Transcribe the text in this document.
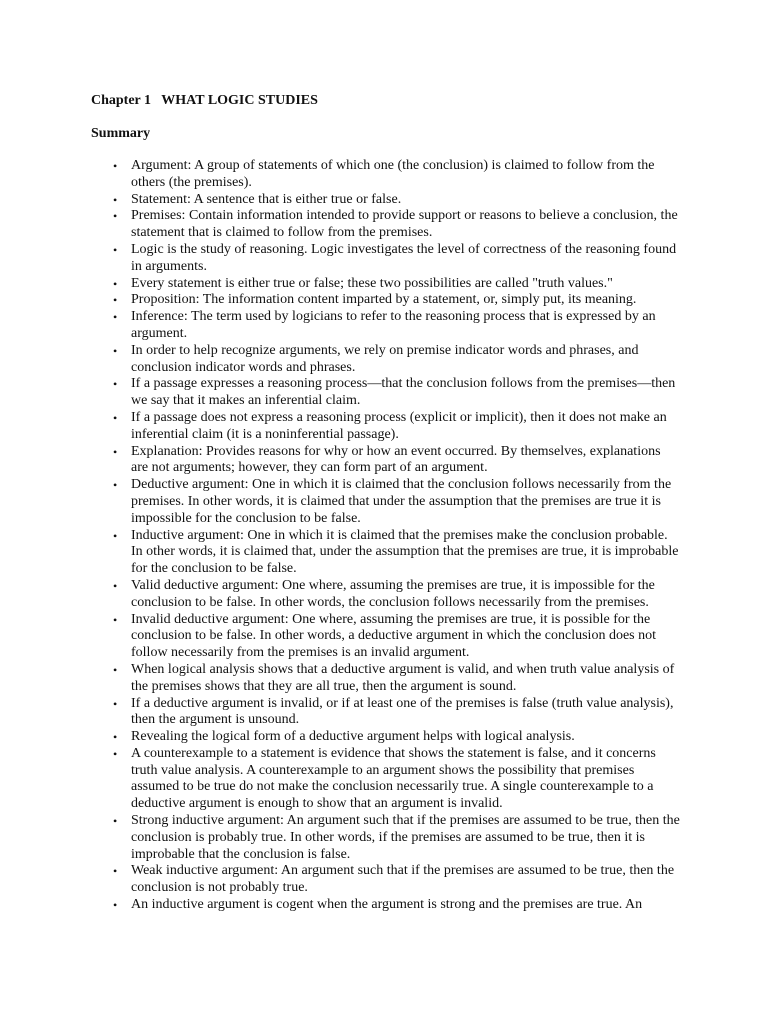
Chapter 1   WHAT LOGIC STUDIES
Summary
• Argument: A group of statements of which one (the conclusion) is claimed to follow from the others (the premises).
• Statement: A sentence that is either true or false.
• Premises: Contain information intended to provide support or reasons to believe a conclusion, the statement that is claimed to follow from the premises.
• Logic is the study of reasoning. Logic investigates the level of correctness of the reasoning found in arguments.
• Every statement is either true or false; these two possibilities are called "truth values."
• Proposition: The information content imparted by a statement, or, simply put, its meaning.
• Inference: The term used by logicians to refer to the reasoning process that is expressed by an argument.
• In order to help recognize arguments, we rely on premise indicator words and phrases, and conclusion indicator words and phrases.
• If a passage expresses a reasoning process—that the conclusion follows from the premises—then we say that it makes an inferential claim.
• If a passage does not express a reasoning process (explicit or implicit), then it does not make an inferential claim (it is a noninferential passage).
• Explanation: Provides reasons for why or how an event occurred. By themselves, explanations are not arguments; however, they can form part of an argument.
• Deductive argument: One in which it is claimed that the conclusion follows necessarily from the premises. In other words, it is claimed that under the assumption that the premises are true it is impossible for the conclusion to be false.
• Inductive argument: One in which it is claimed that the premises make the conclusion probable. In other words, it is claimed that, under the assumption that the premises are true, it is improbable for the conclusion to be false.
• Valid deductive argument: One where, assuming the premises are true, it is impossible for the conclusion to be false. In other words, the conclusion follows necessarily from the premises.
• Invalid deductive argument: One where, assuming the premises are true, it is possible for the conclusion to be false. In other words, a deductive argument in which the conclusion does not follow necessarily from the premises is an invalid argument.
• When logical analysis shows that a deductive argument is valid, and when truth value analysis of the premises shows that they are all true, then the argument is sound.
• If a deductive argument is invalid, or if at least one of the premises is false (truth value analysis), then the argument is unsound.
• Revealing the logical form of a deductive argument helps with logical analysis.
• A counterexample to a statement is evidence that shows the statement is false, and it concerns truth value analysis. A counterexample to an argument shows the possibility that premises assumed to be true do not make the conclusion necessarily true. A single counterexample to a deductive argument is enough to show that an argument is invalid.
• Strong inductive argument: An argument such that if the premises are assumed to be true, then the conclusion is probably true. In other words, if the premises are assumed to be true, then it is improbable that the conclusion is false.
• Weak inductive argument: An argument such that if the premises are assumed to be true, then the conclusion is not probably true.
• An inductive argument is cogent when the argument is strong and the premises are true. An
